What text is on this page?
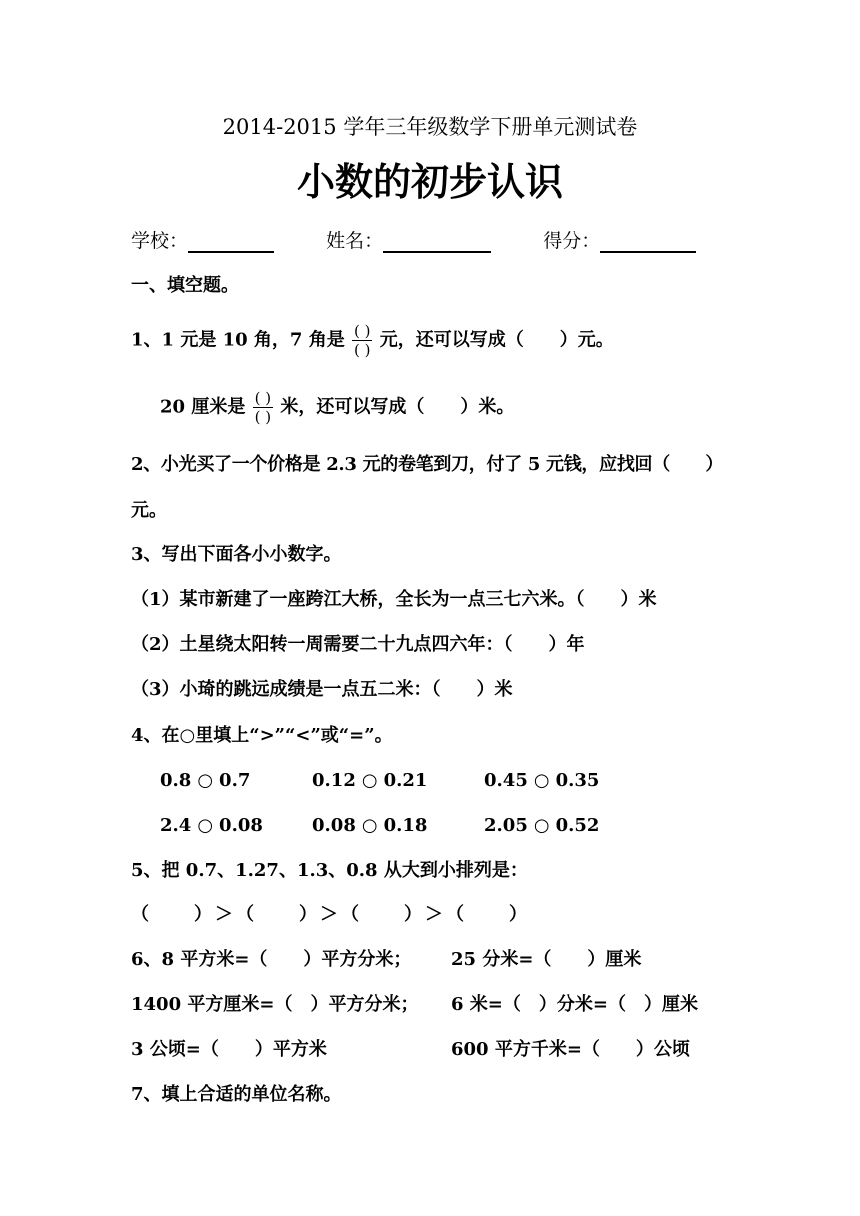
2014-2015 学年三年级数学下册单元测试卷
小数的初步认识
学校：	姓名：	得分：
一、填空题。
1、1 元是 10 角，7 角是 $\frac{( )}{( )}$ 元，还可以写成（　　）元。
20 厘米是 $\frac{( )}{( )}$ 米，还可以写成（　　）米。
2、小光买了一个价格是 2.3 元的卷笔到刀，付了 5 元钱，应找回（　　）
元。
3、写出下面各小小数字。
（1）某市新建了一座跨江大桥，全长为一点三七六米。（　　）米
（2）土星绕太阳转一周需要二十九点四六年：（　　）年
（3）小琦的跳远成绩是一点五二米：（　　）米
4、在○里填上“>”“<”或“=”。
0.8 ○ 0.7	0.12 ○ 0.21	0.45 ○ 0.35
2.4 ○ 0.08	0.08 ○ 0.18	2.05 ○ 0.52
5、把 0.7、1.27、1.3、0.8 从大到小排列是：
（　　）＞（　　）＞（　　）＞（　　）
6、8 平方米=（　　）平方分米； 25 分米=（　　）厘米
1400 平方厘米=（　）平方分米； 6 米=（　）分米=（　）厘米
3 公顷=（　　）平方米	600 平方千米=（　　）公顷
7、填上合适的单位名称。
